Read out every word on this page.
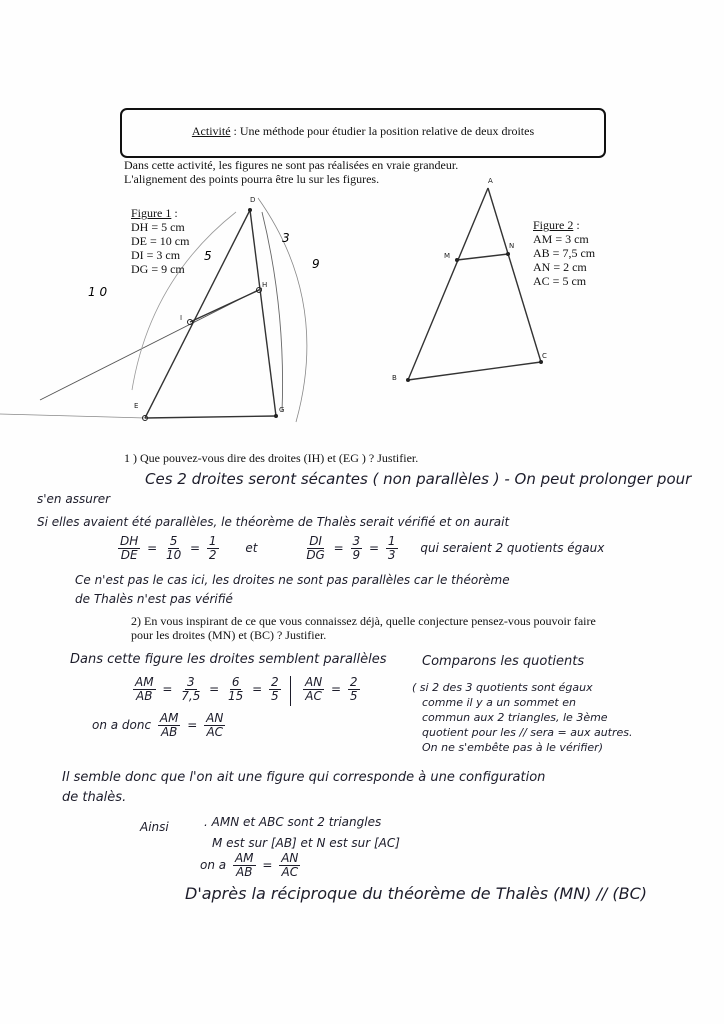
Activité : Une méthode pour étudier la position relative de deux droites
Dans cette activité, les figures ne sont pas réalisées en vraie grandeur.
L'alignement des points pourra être lu sur les figures.
D
H
I
E	G
5
3
9
1 0
Figure 1 :
DH = 5 cm
DE = 10 cm
DI = 3 cm
DG = 9 cm
A
M
N
B
C
Figure 2 :
AM = 3 cm
AB = 7,5 cm
AN = 2 cm
AC = 5 cm
1 ) Que pouvez-vous dire des droites (IH) et (EG ) ? Justifier.
Ces 2 droites seront sécantes ( non parallèles ) - On peut prolonger pour
s'en assurer
Si elles avaient été parallèles, le théorème de Thalès serait vérifié et on aurait
$\frac{DH}{DE} = \frac{5}{10} = \frac{1}{2}$ et	$\frac{DI}{DG} = \frac{3}{9} = \frac{1}{3}$ qui seraient 2 quotients égaux
Ce n'est pas le cas ici, les droites ne sont pas parallèles car le théorème
de Thalès n'est pas vérifié
2) En vous inspirant de ce que vous connaissez déjà, quelle conjecture pensez-vous pouvoir faire
pour les droites (MN) et (BC) ? Justifier.
Dans cette figure les droites semblent parallèles	Comparons les quotients
$\frac{AM}{AB} = \frac{3}{7,5} = \frac{6}{15} = \frac{2}{5} \frac{AN}{AC} = \frac{2}{5}$	( si 2 des 3 quotients sont égaux
comme il y a un sommet en
commun aux 2 triangles, le 3ème
quotient pour les // sera = aux autres.
On ne s'embête pas à le vérifier)
on a donc $\frac{AM}{AB} = \frac{AN}{AC}$
Il semble donc que l'on ait une figure qui corresponde à une configuration
de thalès.
Ainsi	. AMN et ABC sont 2 triangles
M est sur [AB] et N est sur [AC]
on a $\frac{AM}{AB} = \frac{AN}{AC}$
D'après la réciproque du théorème de Thalès (MN) // (BC)
